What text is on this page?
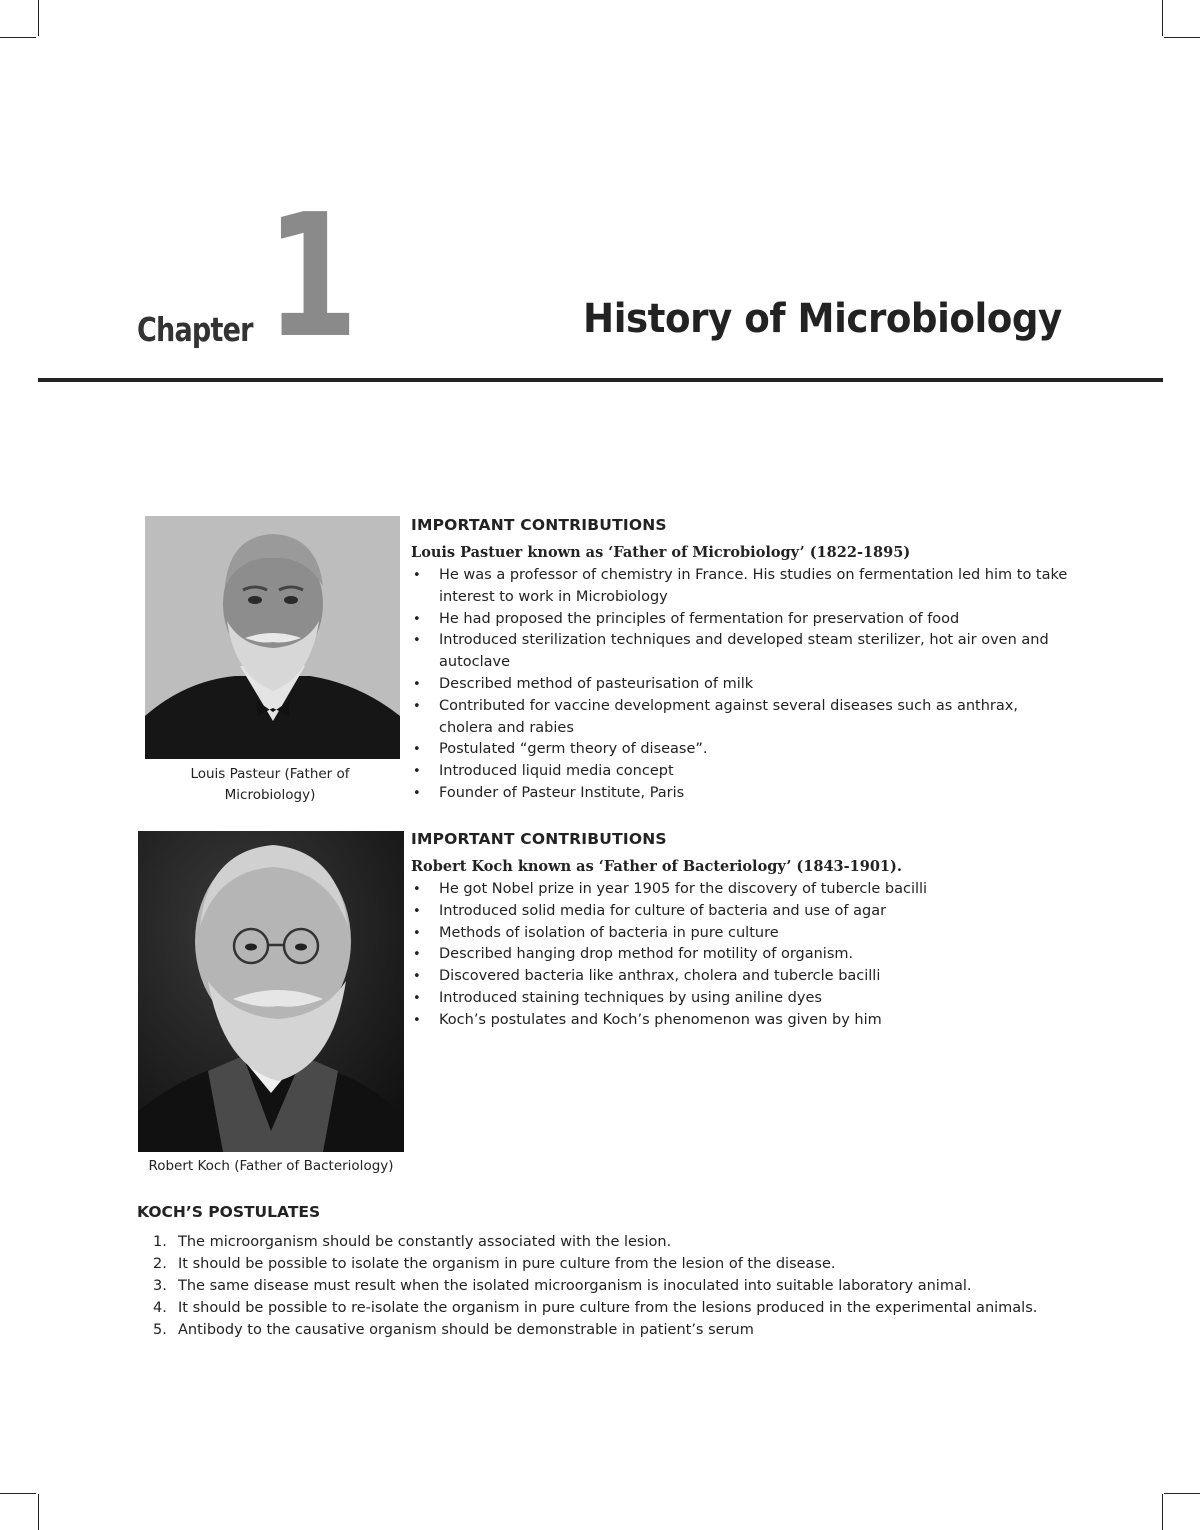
Chapter 1	History of Microbiology
Louis Pasteur (Father of Microbiology)
IMPORTANT CONTRIBUTIONS
Louis Pastuer known as ‘Father of Microbiology’ (1822-1895)
• He was a professor of chemistry in France. His studies on fermentation led him to take interest to work in Microbiology
• He had proposed the principles of fermentation for preservation of food
• Introduced sterilization techniques and developed steam sterilizer, hot air oven and autoclave
• Described method of pasteurisation of milk
• Contributed for vaccine development against several diseases such as anthrax, cholera and rabies
• Postulated “germ theory of disease”.
• Introduced liquid media concept
• Founder of Pasteur Institute, Paris
Robert Koch (Father of Bacteriology)
IMPORTANT CONTRIBUTIONS
Robert Koch known as ‘Father of Bacteriology’ (1843-1901).
• He got Nobel prize in year 1905 for the discovery of tubercle bacilli
• Introduced solid media for culture of bacteria and use of agar
• Methods of isolation of bacteria in pure culture
• Described hanging drop method for motility of organism.
• Discovered bacteria like anthrax, cholera and tubercle bacilli
• Introduced staining techniques by using aniline dyes
• Koch’s postulates and Koch’s phenomenon was given by him
KOCH’S POSTULATES
1. The microorganism should be constantly associated with the lesion.
2. It should be possible to isolate the organism in pure culture from the lesion of the disease.
3. The same disease must result when the isolated microorganism is inoculated into suitable laboratory animal.
4. It should be possible to re-isolate the organism in pure culture from the lesions produced in the experimental animals.
5. Antibody to the causative organism should be demonstrable in patient’s serum
